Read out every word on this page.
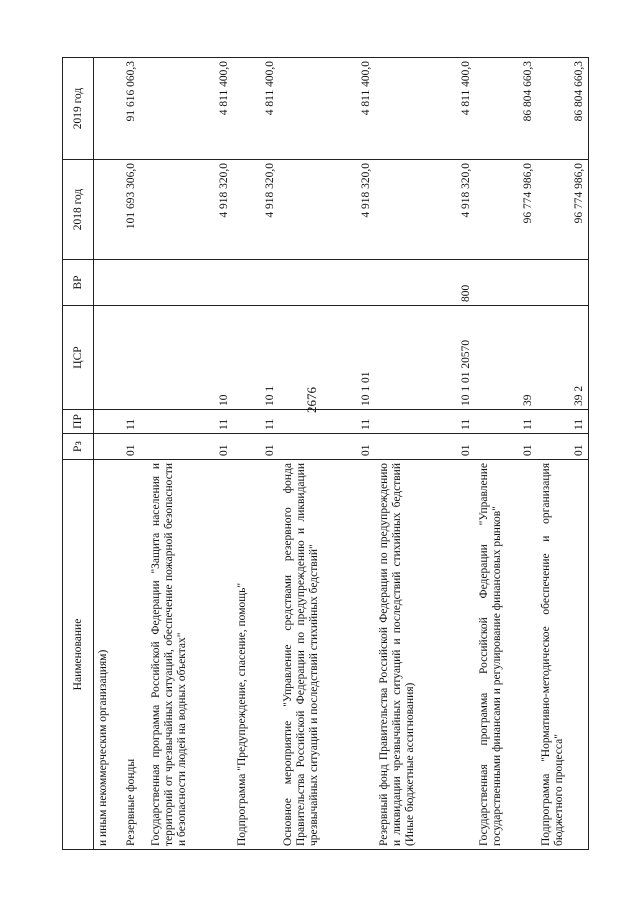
2676
Наименование	Рз	ПР	ЦСР	ВР	2018 год	2019 год
и иным некоммерческим организациям)						
Резервные фонды	01	11			101 693 306,0	91 616 060,3
Государственная программа Российской Федерации "Защита населения и территорий от чрезвычайных ситуаций, обеспечение пожарной безопасности и безопасности людей на водных объектах"	01	11	10		4 918 320,0	4 811 400,0
Подпрограмма "Предупреждение, спасение, помощь"	01	11	10 1		4 918 320,0	4 811 400,0
Основное мероприятие "Управление средствами резервного фонда Правительства Российской Федерации по предупреждению и ликвидации чрезвычайных ситуаций и последствий стихийных бедствий"	01	11	10 1 01		4 918 320,0	4 811 400,0
Резервный фонд Правительства Российской Федерации по предупреждению и ликвидации чрезвычайных ситуаций и последствий стихийных бедствий (Иные бюджетные ассигнования)	01	11	10 1 01 20570	800	4 918 320,0	4 811 400,0
Государственная программа Российской Федерации "Управление государственными финансами и регулирование финансовых рынков"	01	11	39		96 774 986,0	86 804 660,3
Подпрограмма "Нормативно-методическое обеспечение и организация бюджетного процесса"	01	11	39 2		96 774 986,0	86 804 660,3
